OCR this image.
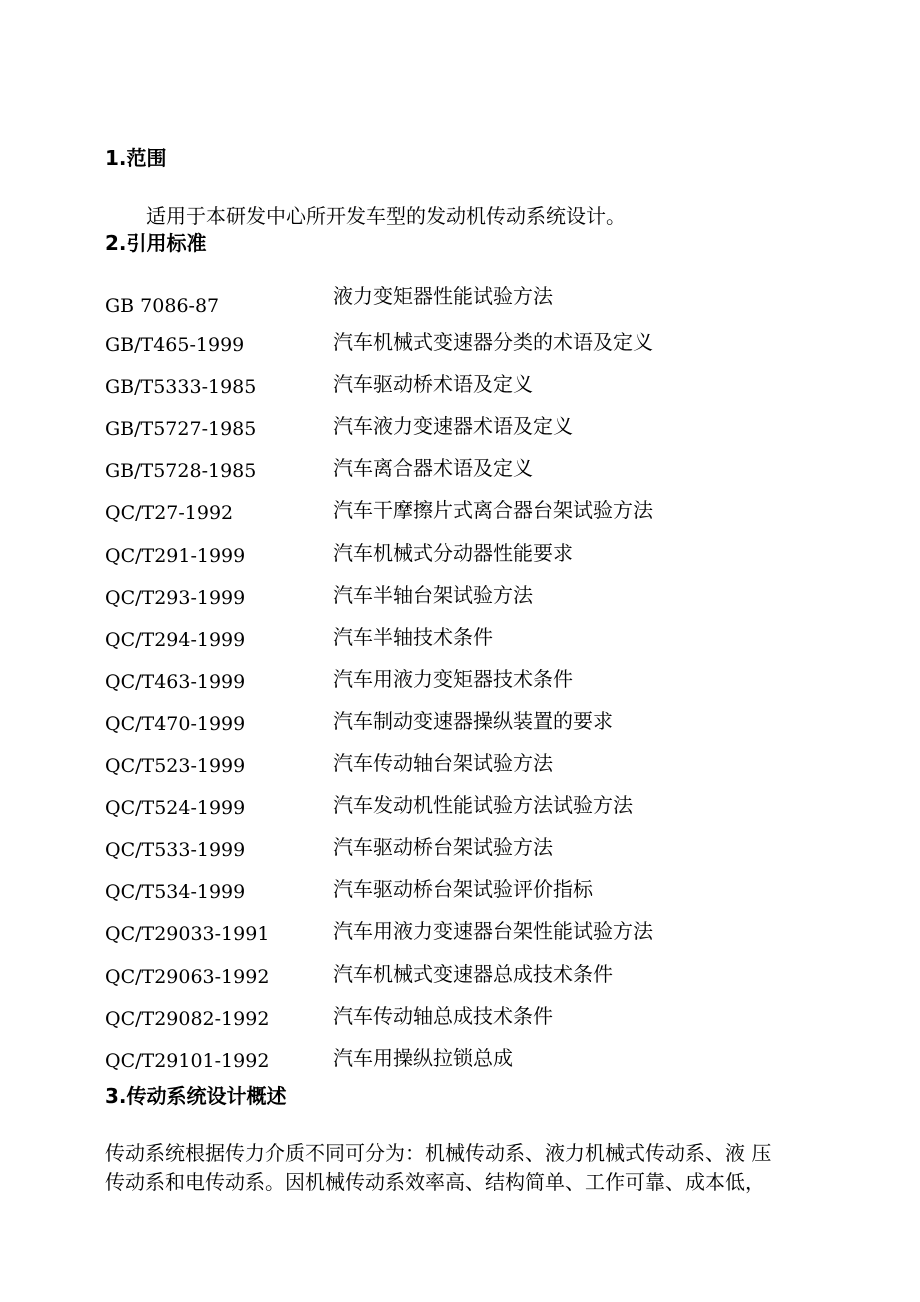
1.范围
适用于本研发中心所开发车型的发动机传动系统设计。
2.引用标准
GB 7086-87	液力变矩器性能试验方法
GB/T465-1999	汽车机械式变速器分类的术语及定义
GB/T5333-1985	汽车驱动桥术语及定义
GB/T5727-1985	汽车液力变速器术语及定义
GB/T5728-1985	汽车离合器术语及定义
QC/T27-1992	汽车干摩擦片式离合器台架试验方法
QC/T291-1999	汽车机械式分动器性能要求
QC/T293-1999	汽车半轴台架试验方法
QC/T294-1999	汽车半轴技术条件
QC/T463-1999	汽车用液力变矩器技术条件
QC/T470-1999	汽车制动变速器操纵装置的要求
QC/T523-1999	汽车传动轴台架试验方法
QC/T524-1999	汽车发动机性能试验方法试验方法
QC/T533-1999	汽车驱动桥台架试验方法
QC/T534-1999	汽车驱动桥台架试验评价指标
QC/T29033-1991	汽车用液力变速器台架性能试验方法
QC/T29063-1992	汽车机械式变速器总成技术条件
QC/T29082-1992	汽车传动轴总成技术条件
QC/T29101-1992	汽车用操纵拉锁总成
3.传动系统设计概述
传动系统根据传力介质不同可分为：机械传动系、液力机械式传动系、液 压
传动系和电传动系。因机械传动系效率高、结构简单、工作可靠、成本低，
